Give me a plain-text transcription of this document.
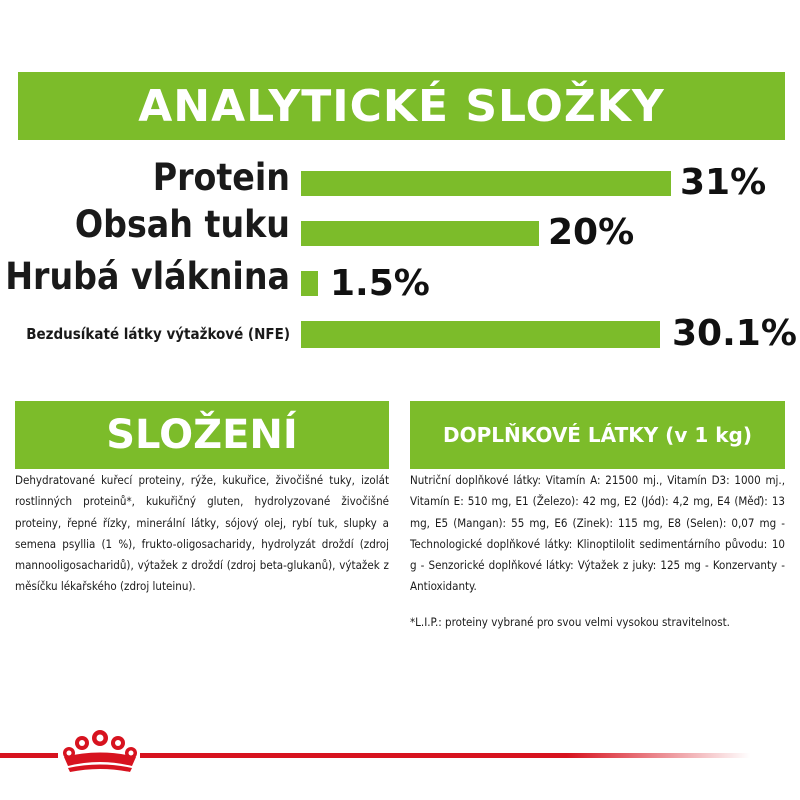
ANALYTICKÉ SLOŽKY
Protein	31%
Obsah tuku	20%
Hrubá vláknina 1.5%
Bezdusíkaté látky výtažkové (NFE)	30.1%
SLOŽENÍ
Dehydratované kuřecí proteiny, rýže, kukuřice, živočišné tuky, izolát rostlinných proteinů*, kukuřičný gluten, hydrolyzované živočišné proteiny, řepné řízky, minerální látky, sójový olej, rybí tuk, slupky a semena psyllia (1 %), frukto-oligosacharidy, hydrolyzát droždí (zdroj mannooligosacharidů), výtažek z droždí (zdroj beta-glukanů), výtažek z měsíčku lékařského (zdroj luteinu).
DOPLŇKOVÉ LÁTKY (v 1 kg)
Nutriční doplňkové látky: Vitamín A: 21500 mj., Vitamín D3: 1000 mj., Vitamín E: 510 mg, E1 (Železo): 42 mg, E2 (Jód): 4,2 mg, E4 (Měď): 13 mg, E5 (Mangan): 55 mg, E6 (Zinek): 115 mg, E8 (Selen): 0,07 mg - Technologické doplňkové látky: Klinoptilolit sedimentárního původu: 10 g - Senzorické doplňkové látky: Výtažek z juky: 125 mg - Konzervanty - Antioxidanty.
*L.I.P.: proteiny vybrané pro svou velmi vysokou stravitelnost.
